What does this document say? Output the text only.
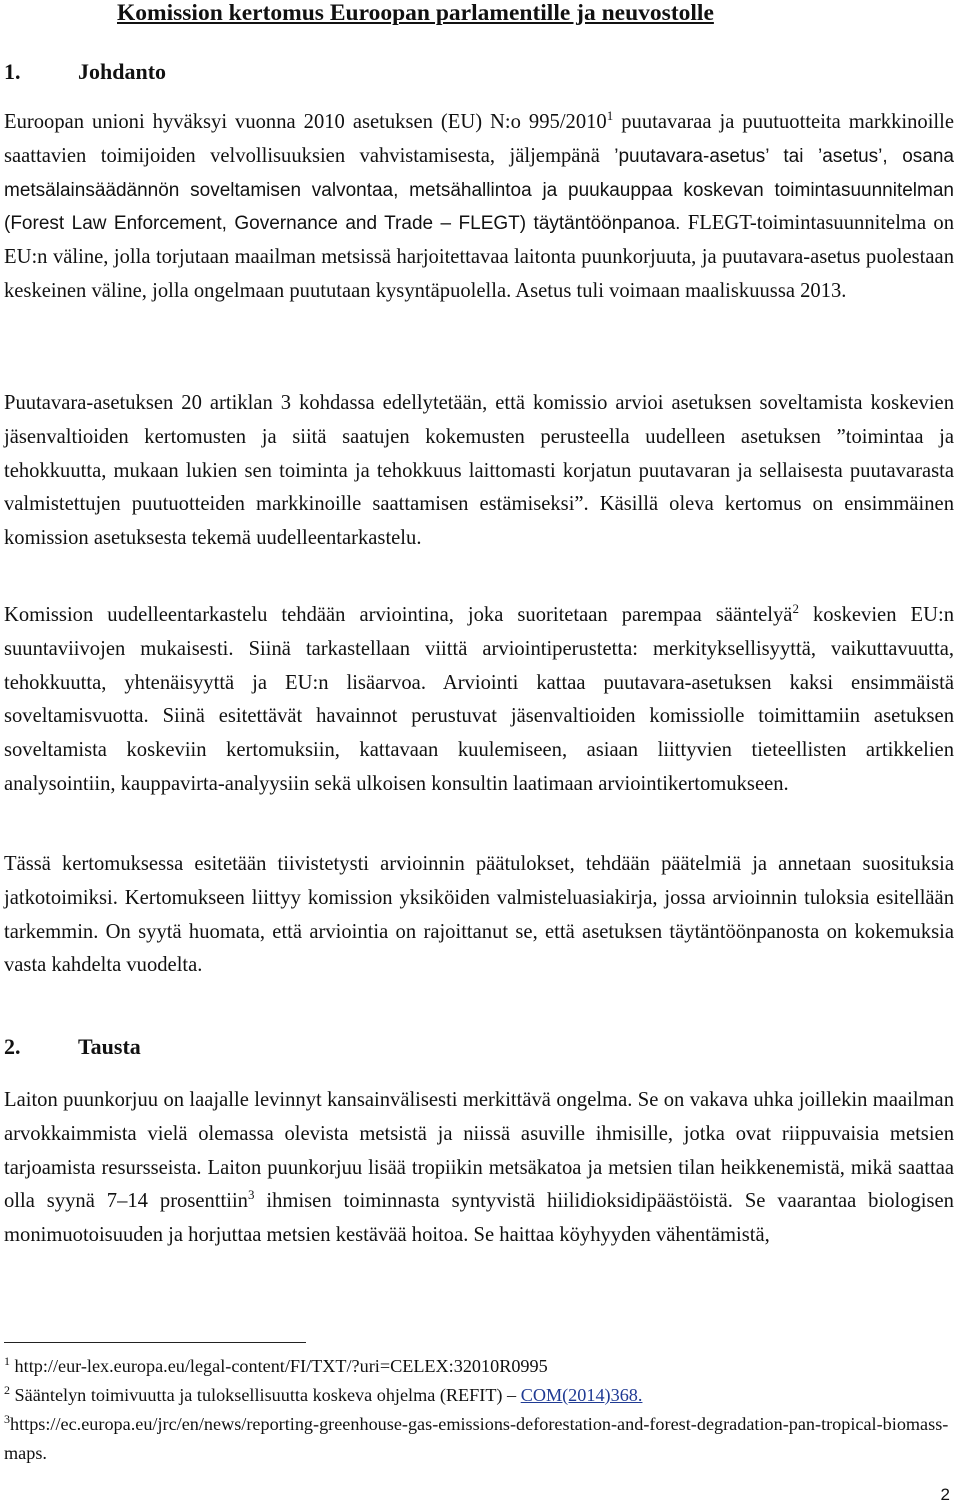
Komission kertomus Euroopan parlamentille ja neuvostolle
1.	Johdanto

Euroopan unioni hyväksyi vuonna 2010 asetuksen (EU) N:o 995/2010$^1$ puutavaraa ja puutuotteita markkinoille saattavien toimijoiden velvollisuuksien vahvistamisesta, jäljempänä ’puutavara-asetus’ tai ’asetus’, osana metsälainsäädännön soveltamisen valvontaa, metsähallintoa ja puukauppaa koskevan toimintasuunnitelman (Forest Law Enforcement, Governance and Trade – FLEGT) täytäntöönpanoa. FLEGT-toimintasuunnitelma on EU:n väline, jolla torjutaan maailman metsissä harjoitettavaa laitonta puunkorjuuta, ja puutavara-asetus puolestaan keskeinen väline, jolla ongelmaan puututaan kysyntäpuolella. Asetus tuli voimaan maaliskuussa 2013.

Puutavara-asetuksen 20 artiklan 3 kohdassa edellytetään, että komissio arvioi asetuksen soveltamista koskevien jäsenvaltioiden kertomusten ja siitä saatujen kokemusten perusteella uudelleen asetuksen ”toimintaa ja tehokkuutta, mukaan lukien sen toiminta ja tehokkuus laittomasti korjatun puutavaran ja sellaisesta puutavarasta valmistettujen puutuotteiden markkinoille saattamisen estämiseksi”. Käsillä oleva kertomus on ensimmäinen komission asetuksesta tekemä uudelleentarkastelu.

Komission uudelleentarkastelu tehdään arviointina, joka suoritetaan parempaa sääntelyä$^2$ koskevien EU:n suuntaviivojen mukaisesti. Siinä tarkastellaan viittä arviointiperustetta: merkityksellisyyttä, vaikuttavuutta, tehokkuutta, yhtenäisyyttä ja EU:n lisäarvoa. Arviointi kattaa puutavara-asetuksen kaksi ensimmäistä soveltamisvuotta. Siinä esitettävät havainnot perustuvat jäsenvaltioiden komissiolle toimittamiin asetuksen soveltamista koskeviin kertomuksiin, kattavaan kuulemiseen, asiaan liittyvien tieteellisten artikkelien analysointiin, kauppavirta-analyysiin sekä ulkoisen konsultin laatimaan arviointikertomukseen.

Tässä kertomuksessa esitetään tiivistetysti arvioinnin päätulokset, tehdään päätelmiä ja annetaan suosituksia jatkotoimiksi. Kertomukseen liittyy komission yksiköiden valmisteluasiakirja, jossa arvioinnin tuloksia esitellään tarkemmin. On syytä huomata, että arviointia on rajoittanut se, että asetuksen täytäntöönpanosta on kokemuksia vasta kahdelta vuodelta.

2.	Tausta

Laiton puunkorjuu on laajalle levinnyt kansainvälisesti merkittävä ongelma. Se on vakava uhka joillekin maailman arvokkaimmista vielä olemassa olevista metsistä ja niissä asuville ihmisille, jotka ovat riippuvaisia metsien tarjoamista resursseista. Laiton puunkorjuu lisää tropiikin metsäkatoa ja metsien tilan heikkenemistä, mikä saattaa olla syynä 7–14 prosenttiin$^3$ ihmisen toiminnasta syntyvistä hiilidioksidipäästöistä. Se vaarantaa biologisen monimuotoisuuden ja horjuttaa metsien kestävää hoitoa. Se haittaa köyhyyden vähentämistä,

$^1$ http://eur-lex.europa.eu/legal-content/FI/TXT/?uri=CELEX:32010R0995

$^2$ Sääntelyn toimivuutta ja tuloksellisuutta koskeva ohjelma (REFIT) – COM(2014)368.

$^3$https://ec.europa.eu/jrc/en/news/reporting-greenhouse-gas-emissions-deforestation-and-forest-degradation-pan-tropical-biomass-maps.

2
